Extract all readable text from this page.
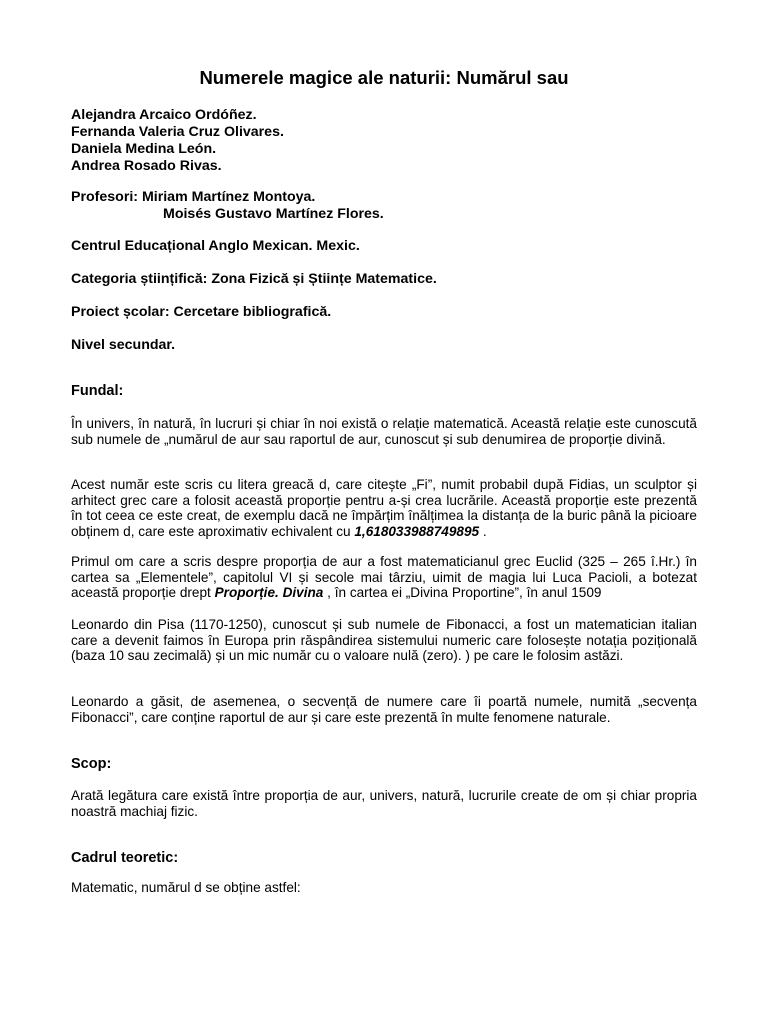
Numerele magice ale naturii: Numărul sau
Alejandra Arcaico Ordóñez.
Fernanda Valeria Cruz Olivares.
Daniela Medina León.
Andrea Rosado Rivas.
Profesori: Miriam Martínez Montoya.
Moisés Gustavo Martínez Flores.
Centrul Educațional Anglo Mexican. Mexic.
Categoria științifică: Zona Fizică și Științe Matematice.
Proiect școlar: Cercetare bibliografică.
Nivel secundar.
Fundal:
În univers, în natură, în lucruri și chiar în noi există o relație matematică. Această relație este cunoscută sub numele de „numărul de aur sau raportul de aur, cunoscut și sub denumirea de proporție divină.
Acest număr este scris cu litera greacă d, care citește „Fi”, numit probabil după Fidias, un sculptor și arhitect grec care a folosit această proporție pentru a-și crea lucrările. Această proporție este prezentă în tot ceea ce este creat, de exemplu dacă ne împărțim înălțimea la distanța de la buric până la picioare obținem d, care este aproximativ echivalent cu 1,618033988749895 .
Primul om care a scris despre proporția de aur a fost matematicianul grec Euclid (325 – 265 î.Hr.) în cartea sa „Elementele”, capitolul VI și secole mai târziu, uimit de magia lui Luca Pacioli, a botezat această proporție drept Proporție. Divina , în cartea ei „Divina Proportine”, în anul 1509
Leonardo din Pisa (1170-1250), cunoscut și sub numele de Fibonacci, a fost un matematician italian care a devenit faimos în Europa prin răspândirea sistemului numeric care folosește notația pozițională (baza 10 sau zecimală) și un mic număr cu o valoare nulă (zero). ) pe care le folosim astăzi.
Leonardo a găsit, de asemenea, o secvență de numere care îi poartă numele, numită „secvența Fibonacci”, care conține raportul de aur și care este prezentă în multe fenomene naturale.
Scop:
Arată legătura care există între proporția de aur, univers, natură, lucrurile create de om și chiar propria noastră machiaj fizic.
Cadrul teoretic:
Matematic, numărul d se obține astfel:
